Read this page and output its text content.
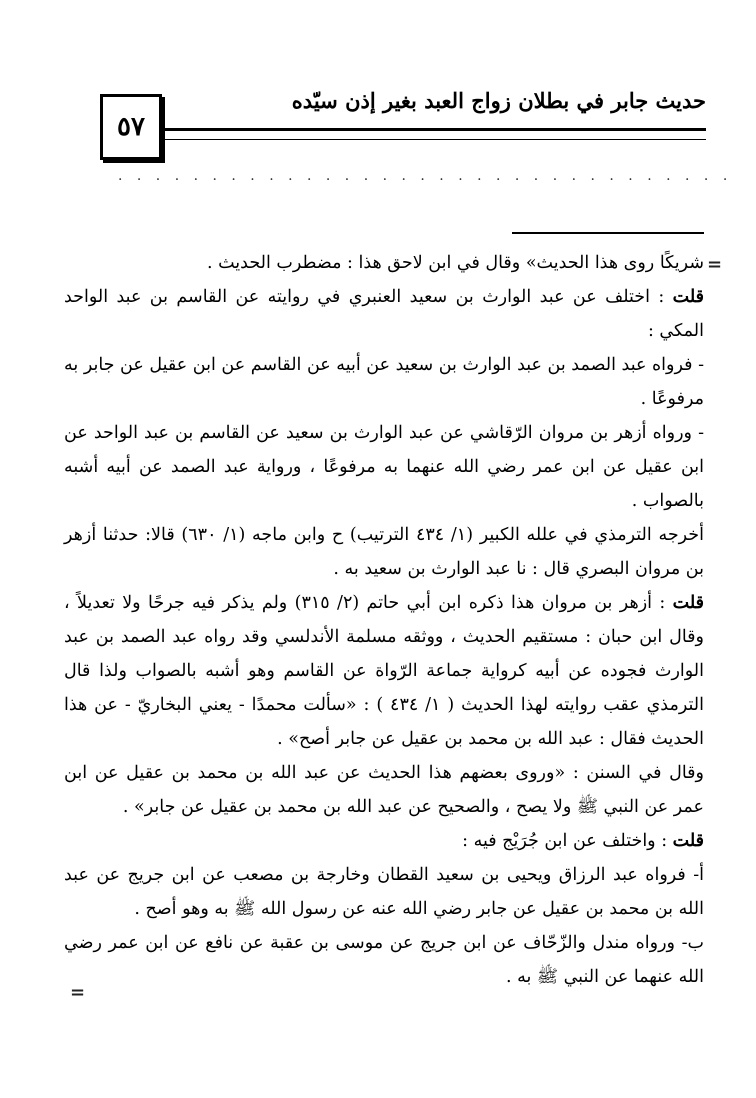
٥٧
حديث جابر في بطلان زواج العبد بغير إذن سيّده
· · · · · · · · · · · · · · · · · · · · · · · · · · · · · · · · ·
=
=

شريكًا روى هذا الحديث» وقال في ابن لاحق هذا : مضطرب الحديث .

قلت : اختلف عن عبد الوارث بن سعيد العنبري في روايته عن القاسم بن عبد الواحد المكي :

- فرواه عبد الصمد بن عبد الوارث بن سعيد عن أبيه عن القاسم عن ابن عقيل عن جابر به مرفوعًا .

- ورواه أزهر بن مروان الرّقاشي عن عبد الوارث بن سعيد عن القاسم بن عبد الواحد عن ابن عقيل عن ابن عمر رضي الله عنهما به مرفوعًا ، ورواية عبد الصمد عن أبيه أشبه بالصواب .

أخرجه الترمذي في علله الكبير (١/ ٤٣٤ الترتيب) ح وابن ماجه (١/ ٦٣٠) قالا: حدثنا أزهر بن مروان البصري قال : نا عبد الوارث بن سعيد به .

قلت : أزهر بن مروان هذا ذكره ابن أبي حاتم (٢/ ٣١٥) ولم يذكر فيه جرحًا ولا تعديلاً ، وقال ابن حبان : مستقيم الحديث ، ووثقه مسلمة الأندلسي وقد رواه عبد الصمد بن عبد الوارث فجوده عن أبيه كرواية جماعة الرّواة عن القاسم وهو أشبه بالصواب ولذا قال الترمذي عقب روايته لهذا الحديث ( ١/ ٤٣٤ ) : «سألت محمدًا - يعني البخاريّ - عن هذا الحديث فقال : عبد الله بن محمد بن عقيل عن جابر أصح» .

وقال في السنن : «وروى بعضهم هذا الحديث عن عبد الله بن محمد بن عقيل عن ابن عمر عن النبي ﷺ ولا يصح ، والصحيح عن عبد الله بن محمد بن عقيل عن جابر» .

قلت : واختلف عن ابن جُرَيْج فيه :

أ- فرواه عبد الرزاق ويحيى بن سعيد القطان وخارجة بن مصعب عن ابن جريج عن عبد الله بن محمد بن عقيل عن جابر رضي الله عنه عن رسول الله ﷺ به وهو أصح .

ب- ورواه مندل والزّحّاف عن ابن جريج عن موسى بن عقبة عن نافع عن ابن عمر رضي الله عنهما عن النبي ﷺ به .
